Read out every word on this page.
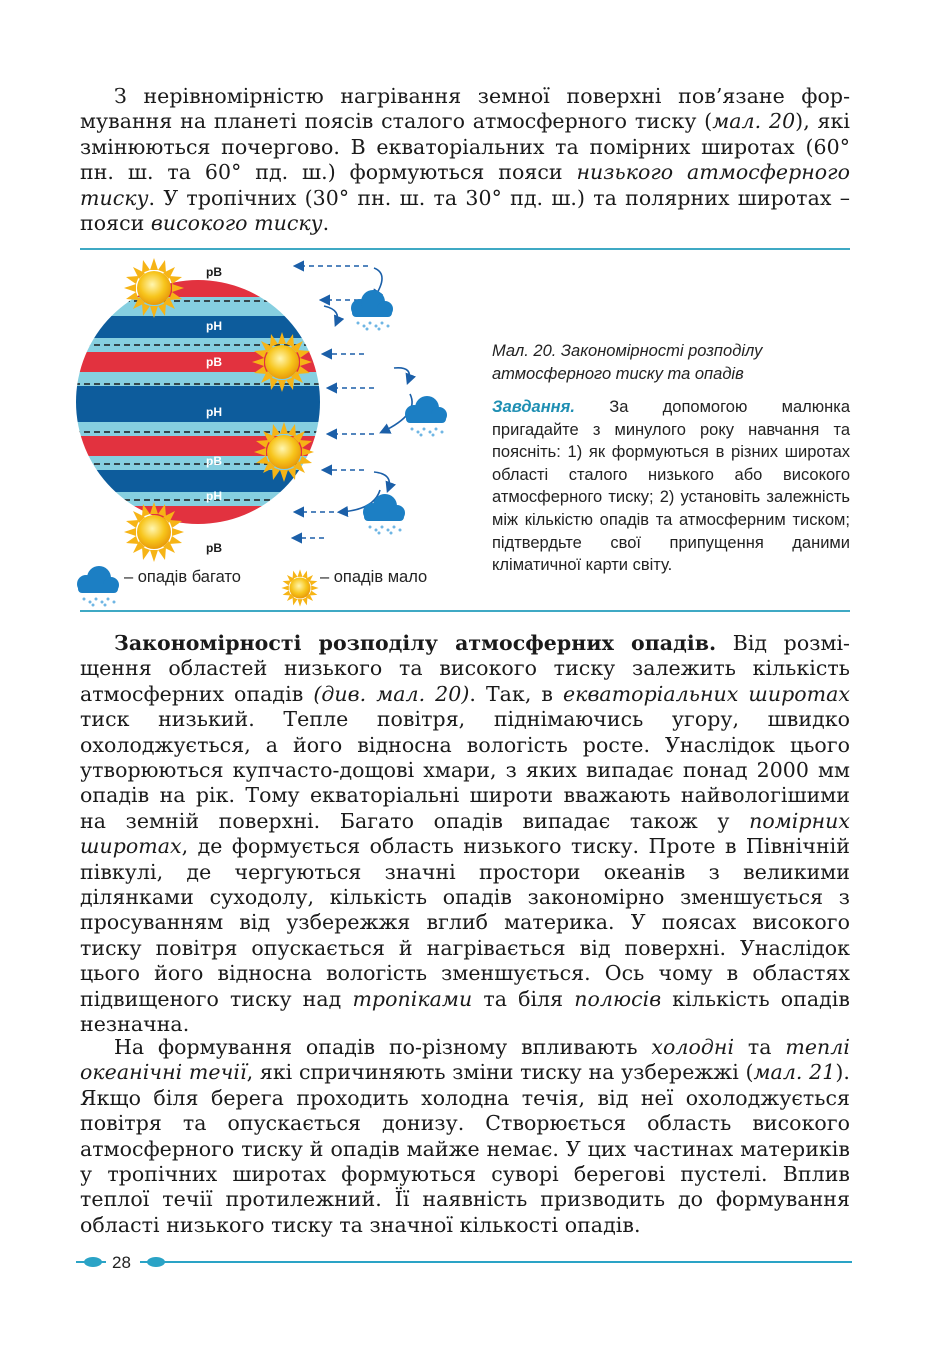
З нерівномірністю нагрівання земної поверхні пов’язане формування на планеті поясів сталого атмосферного тиску (мал. 20), які змінюються почергово. В екваторіальних та помірних широтах (60° пн. ш. та 60° пд. ш.) формуються пояси низького атмосферного тиску. У тропічних (30° пн. ш. та 30° пд. ш.) та полярних широтах – пояси високого тиску.

рВ
рН
рВ
рН
рВ
рН
рВ
– опадів багато	– опадів мало

Мал. 20. Закономірності розподілу атмосферного тиску та опадів

Завдання. За допомогою малюнка пригадайте з минулого року навчання та поясніть: 1) як формуються в різних широтах області сталого низького або високого атмосферного тиску; 2) установіть залежність між кількістю опадів та атмосферним тиском; підтвердьте свої припущення даними кліматичної карти світу.

Закономірності розподілу атмосферних опадів. Від розміщення областей низького та високого тиску залежить кількість атмосферних опадів (див. мал. 20). Так, в екваторіальних широтах тиск низький. Тепле повітря, піднімаючись угору, швидко охолоджується, а його відносна вологість росте. Унаслідок цього утворюються купчасто-дощові хмари, з яких випадає понад 2000 мм опадів на рік. Тому екваторіальні широти вважають найвологішими на земній поверхні. Багато опадів випадає також у помірних широтах, де формується область низького тиску. Проте в Північній півкулі, де чергуються значні простори океанів з великими ділянками суходолу, кількість опадів закономірно зменшується з просуванням від узбережжя вглиб материка. У поясах високого тиску повітря опускається й нагрівається від поверхні. Унаслідок цього його відносна вологість зменшується. Ось чому в областях підвищеного тиску над тропіками та біля полюсів кількість опадів незначна.

На формування опадів по-різному впливають холодні та теплі океанічні течії, які спричиняють зміни тиску на узбережжі (мал. 21). Якщо біля берега проходить холодна течія, від неї охолоджується повітря та опускається донизу. Створюється область високого атмосферного тиску й опадів майже немає. У цих частинах материків у тропічних широтах формуються суворі берегові пустелі. Вплив теплої течії протилежний. Її наявність призводить до формування області низького тиску та значної кількості опадів.

28
